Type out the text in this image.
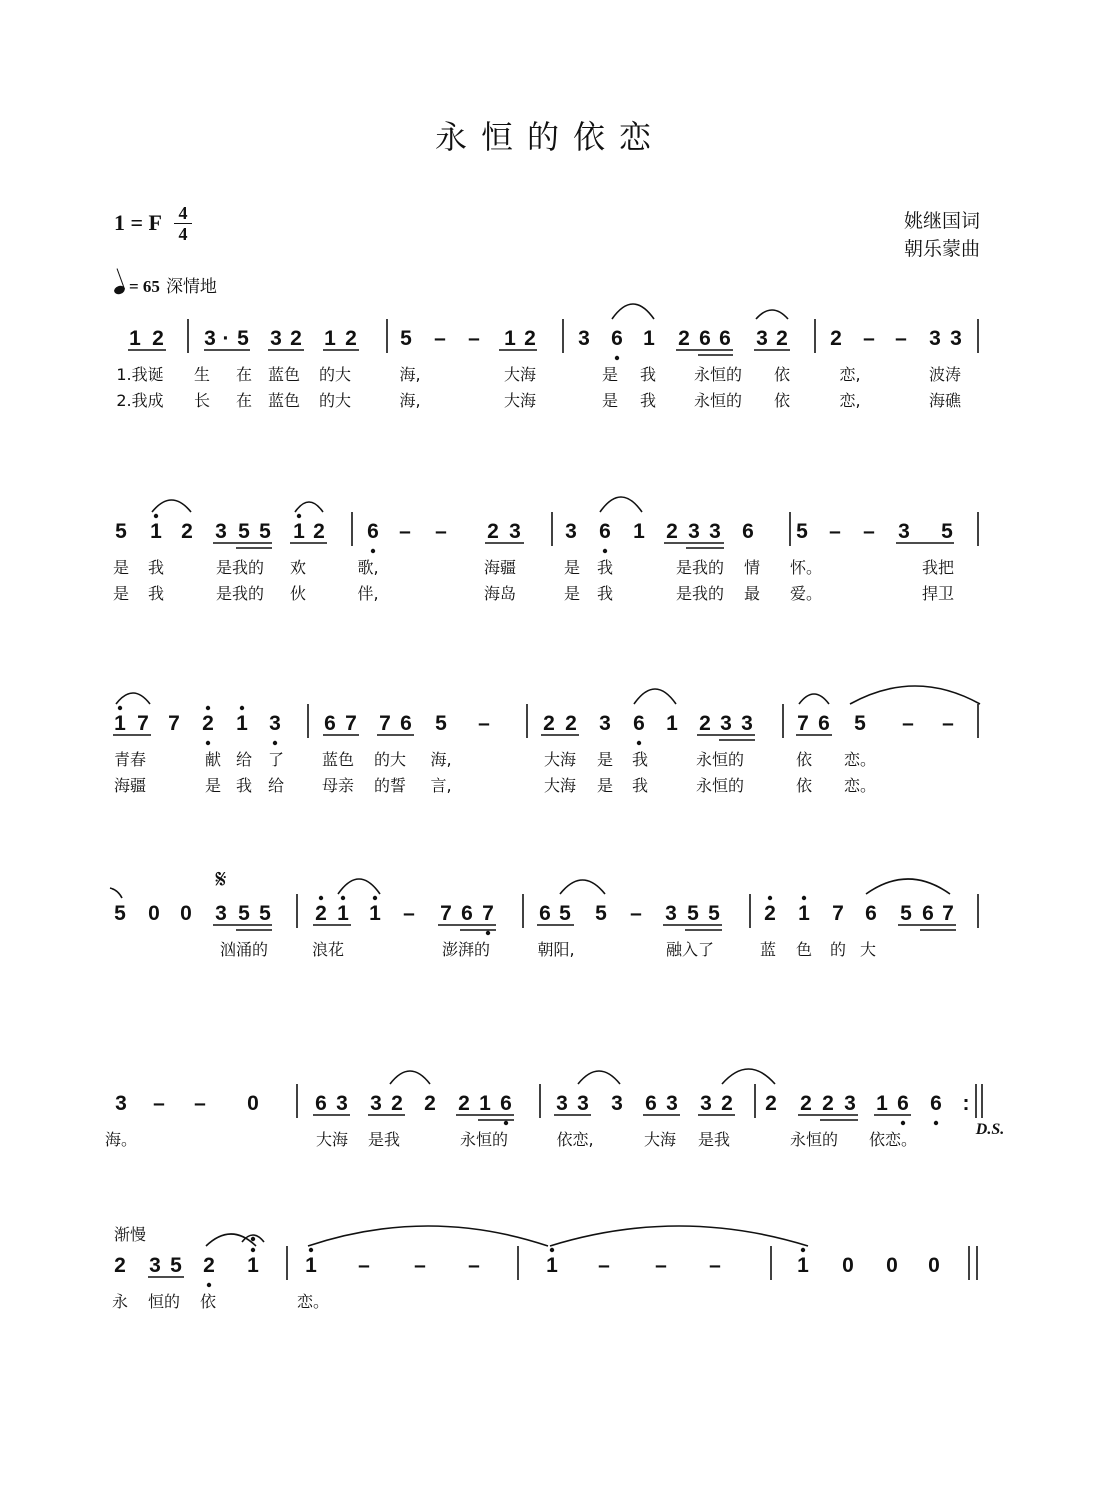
永恒的依恋
1 = F 4
4
姚继国词
朝乐蒙曲
= 65 深情地
1 2 3 · 5 3 2 1 2 5 – – 1 2 3 6 1 2 6 6 3 2 2 – – 3 3
1.我诞 生 在 蓝色 的大	海,	大海	是 我 永恒的 依	恋,	波涛
2.我成 长 在 蓝色 的大	海,	大海	是 我 永恒的 依	恋,	海礁
5 1 2 3 5 5 1 2 6 – – 2 3 3 6 1 2 3 3 6 5 – – 3 5
是 我	是我的 欢	歌,	海疆	是 我	是我的 情 怀。	我把
是 我	是我的 伙	伴,	海岛	是 我	是我的 最 爱。	捍卫
1 7 7 2 1 3 6 7 7 6 5 –	2 2 3 6 1 2 3 3 7 6 5 – –
青春	献 给 了 蓝色 的大 海,	大海 是 我	永恒的	依 恋。
海疆	是 我 给 母亲 的誓 言,	大海 是 我	永恒的	依 恋。
5 0 0 3 5 5 2 1 1 – 7 6 7 6 5 5 – 3 5 5 2 1 7 6 5 6 7
汹涌的	浪花	澎湃的	朝阳,	融入了	蓝 色 的 大
3 – – 0	6 3 3 2 2 2 1 6 3 3 3 6 3 3 2 2 2 2 3 1 6 6 :
海。	大海 是我	永恒的	依恋,	大海 是我	永恒的 依恋。
2 3 5 2 1 1 – – –	1 – – –	1 0 0 0
永 恒的 依	恋。
D.S.
𝄋
渐慢
